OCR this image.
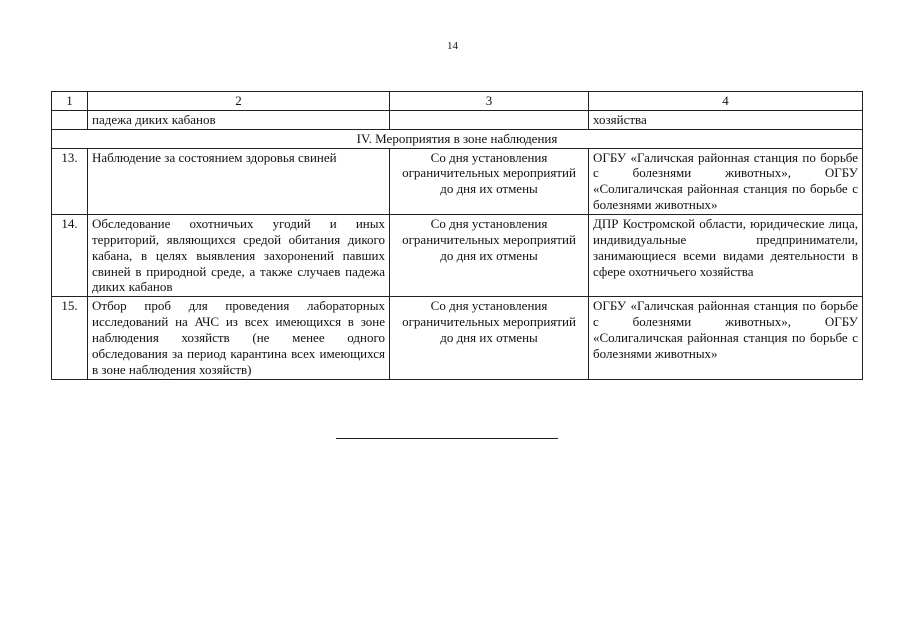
14
1	2	3	4
	падежа диких кабанов		хозяйства
IV. Мероприятия в зоне наблюдения			
13.	Наблюдение за состоянием здоровья свиней	Со дня установления ограничительных мероприятий до дня их отмены	ОГБУ «Галичская районная станция по борьбе с болезнями животных», ОГБУ «Солигаличская районная станция по борьбе с болезнями животных»
14.	Обследование охотничьих угодий и иных территорий, являющихся средой обитания дикого кабана, в целях выявления захоронений павших свиней в природной среде, а также случаев падежа диких кабанов	Со дня установления ограничительных мероприятий до дня их отмены	ДПР Костромской области, юридические лица, индивидуальные предприниматели, занимающиеся всеми видами деятельности в сфере охотничьего хозяйства
15.	Отбор проб для проведения лабораторных исследований на АЧС из всех имеющихся в зоне наблюдения хозяйств (не менее одного обследования за период карантина всех имеющихся в зоне наблюдения хозяйств)	Со дня установления ограничительных мероприятий до дня их отмены	ОГБУ «Галичская районная станция по борьбе с болезнями животных», ОГБУ «Солигаличская районная станция по борьбе с болезнями животных»
